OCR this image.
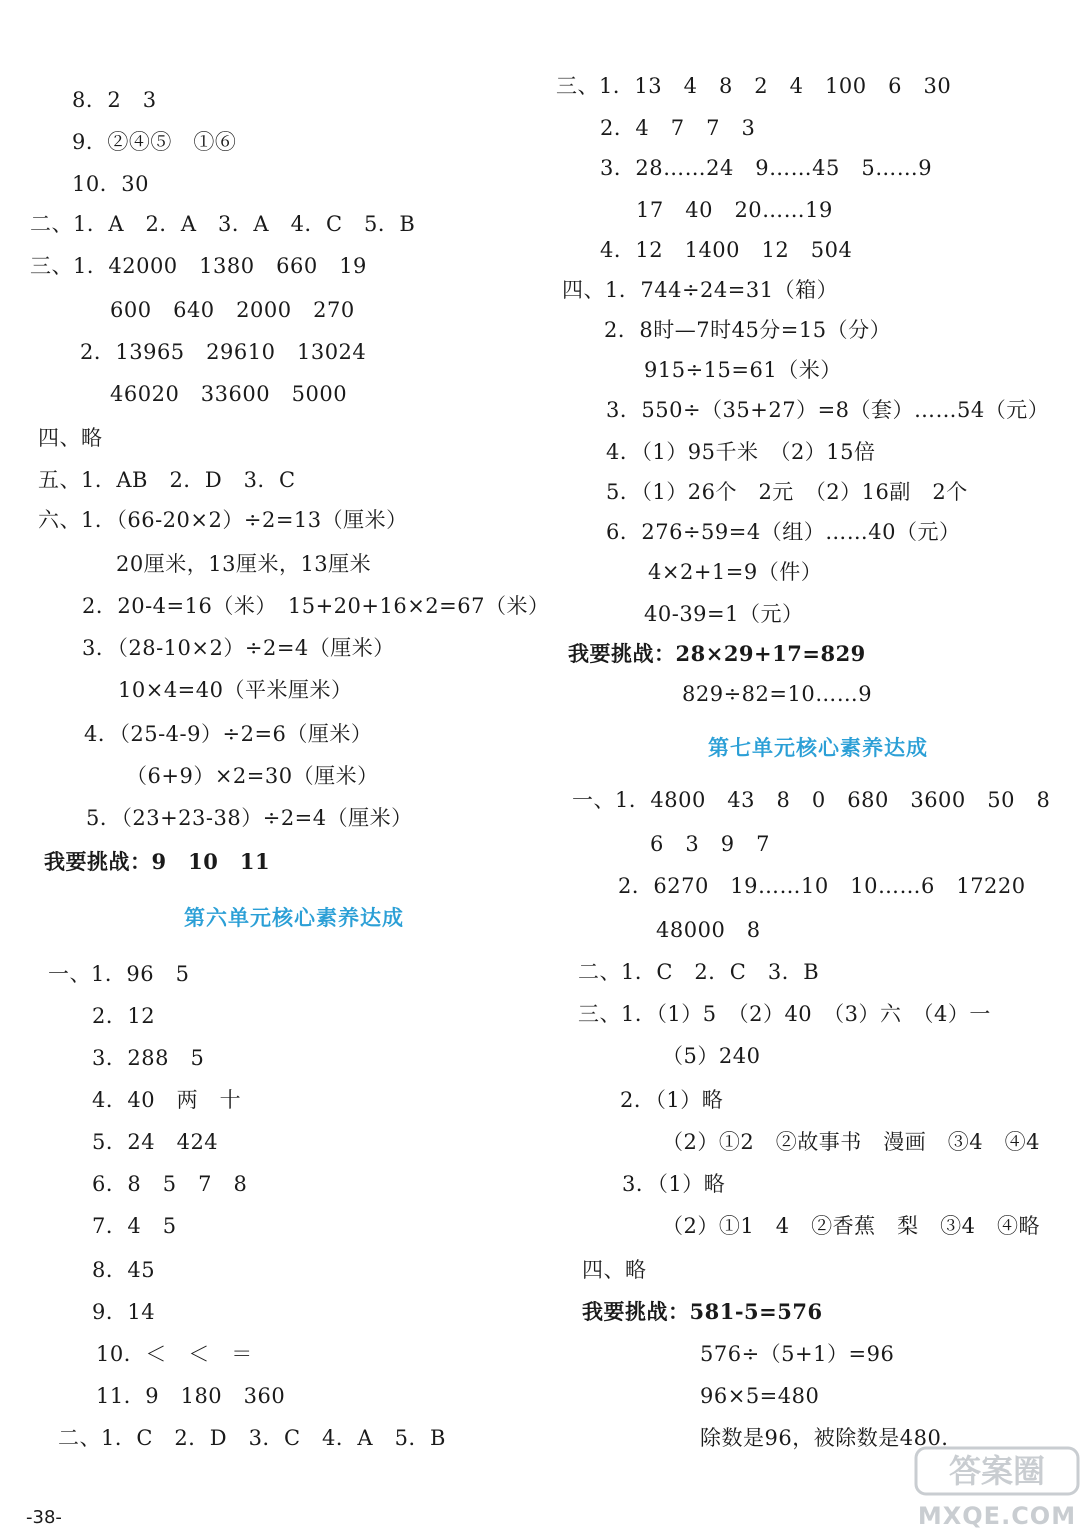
8．2　3
9．②④⑤　①⑥
10．30
二、1．A　2．A　3．A　4．C　5．B
三、1．42000　1380　660　19
600　640　2000　270
2．13965　29610　13024
46020　33600　5000
四、略
五、1．AB　2．D　3．C
六、1．（66-20×2）÷2=13（厘米）
20厘米，13厘米，13厘米
2．20-4=16（米）　15+20+16×2=67（米）
3．（28-10×2）÷2=4（厘米）
10×4=40（平米厘米）
4．（25-4-9）÷2=6（厘米）
（6+9）×2=30（厘米）
5．（23+23-38）÷2=4（厘米）
我要挑战：9　10　11
第六单元核心素养达成
一、1．96　5
2．12
3．288　5
4．40　两　十
5．24　424
6．8　5　7　8
7．4　5
8．45
9．14
10．＜　＜　＝
11．9　180　360
二、1．C　2．D　3．C　4．A　5．B
三、1．13　4　8　2　4　100　6　30
2．4　7　7　3
3．28……24　9……45　5……9
17　40　20……19
4．12　1400　12　504
四、1．744÷24=31（箱）
2．8时—7时45分=15（分）
915÷15=61（米）
3．550÷（35+27）=8（套）……54（元）
4．（1）95千米　（2）15倍
5．（1）26个　2元　（2）16副　2个
6．276÷59=4（组）……40（元）
4×2+1=9（件）
40-39=1（元）
我要挑战：28×29+17=829
829÷82=10……9
第七单元核心素养达成
一、1．4800　43　8　0　680　3600　50　8
6　3　9　7
2．6270　19……10　10……6　17220
48000　8
二、1．C　2．C　3．B
三、1．（1）5　（2）40　（3）六　（4）一
（5）240
2．（1）略
（2）①2　②故事书　漫画　③4　④4
3．（1）略
（2）①1　4　②香蕉　梨　③4　④略
四、略
我要挑战：581-5=576
576÷（5+1）=96
96×5=480
除数是96，被除数是480.
-38-
答案圈
MXQE.COM
